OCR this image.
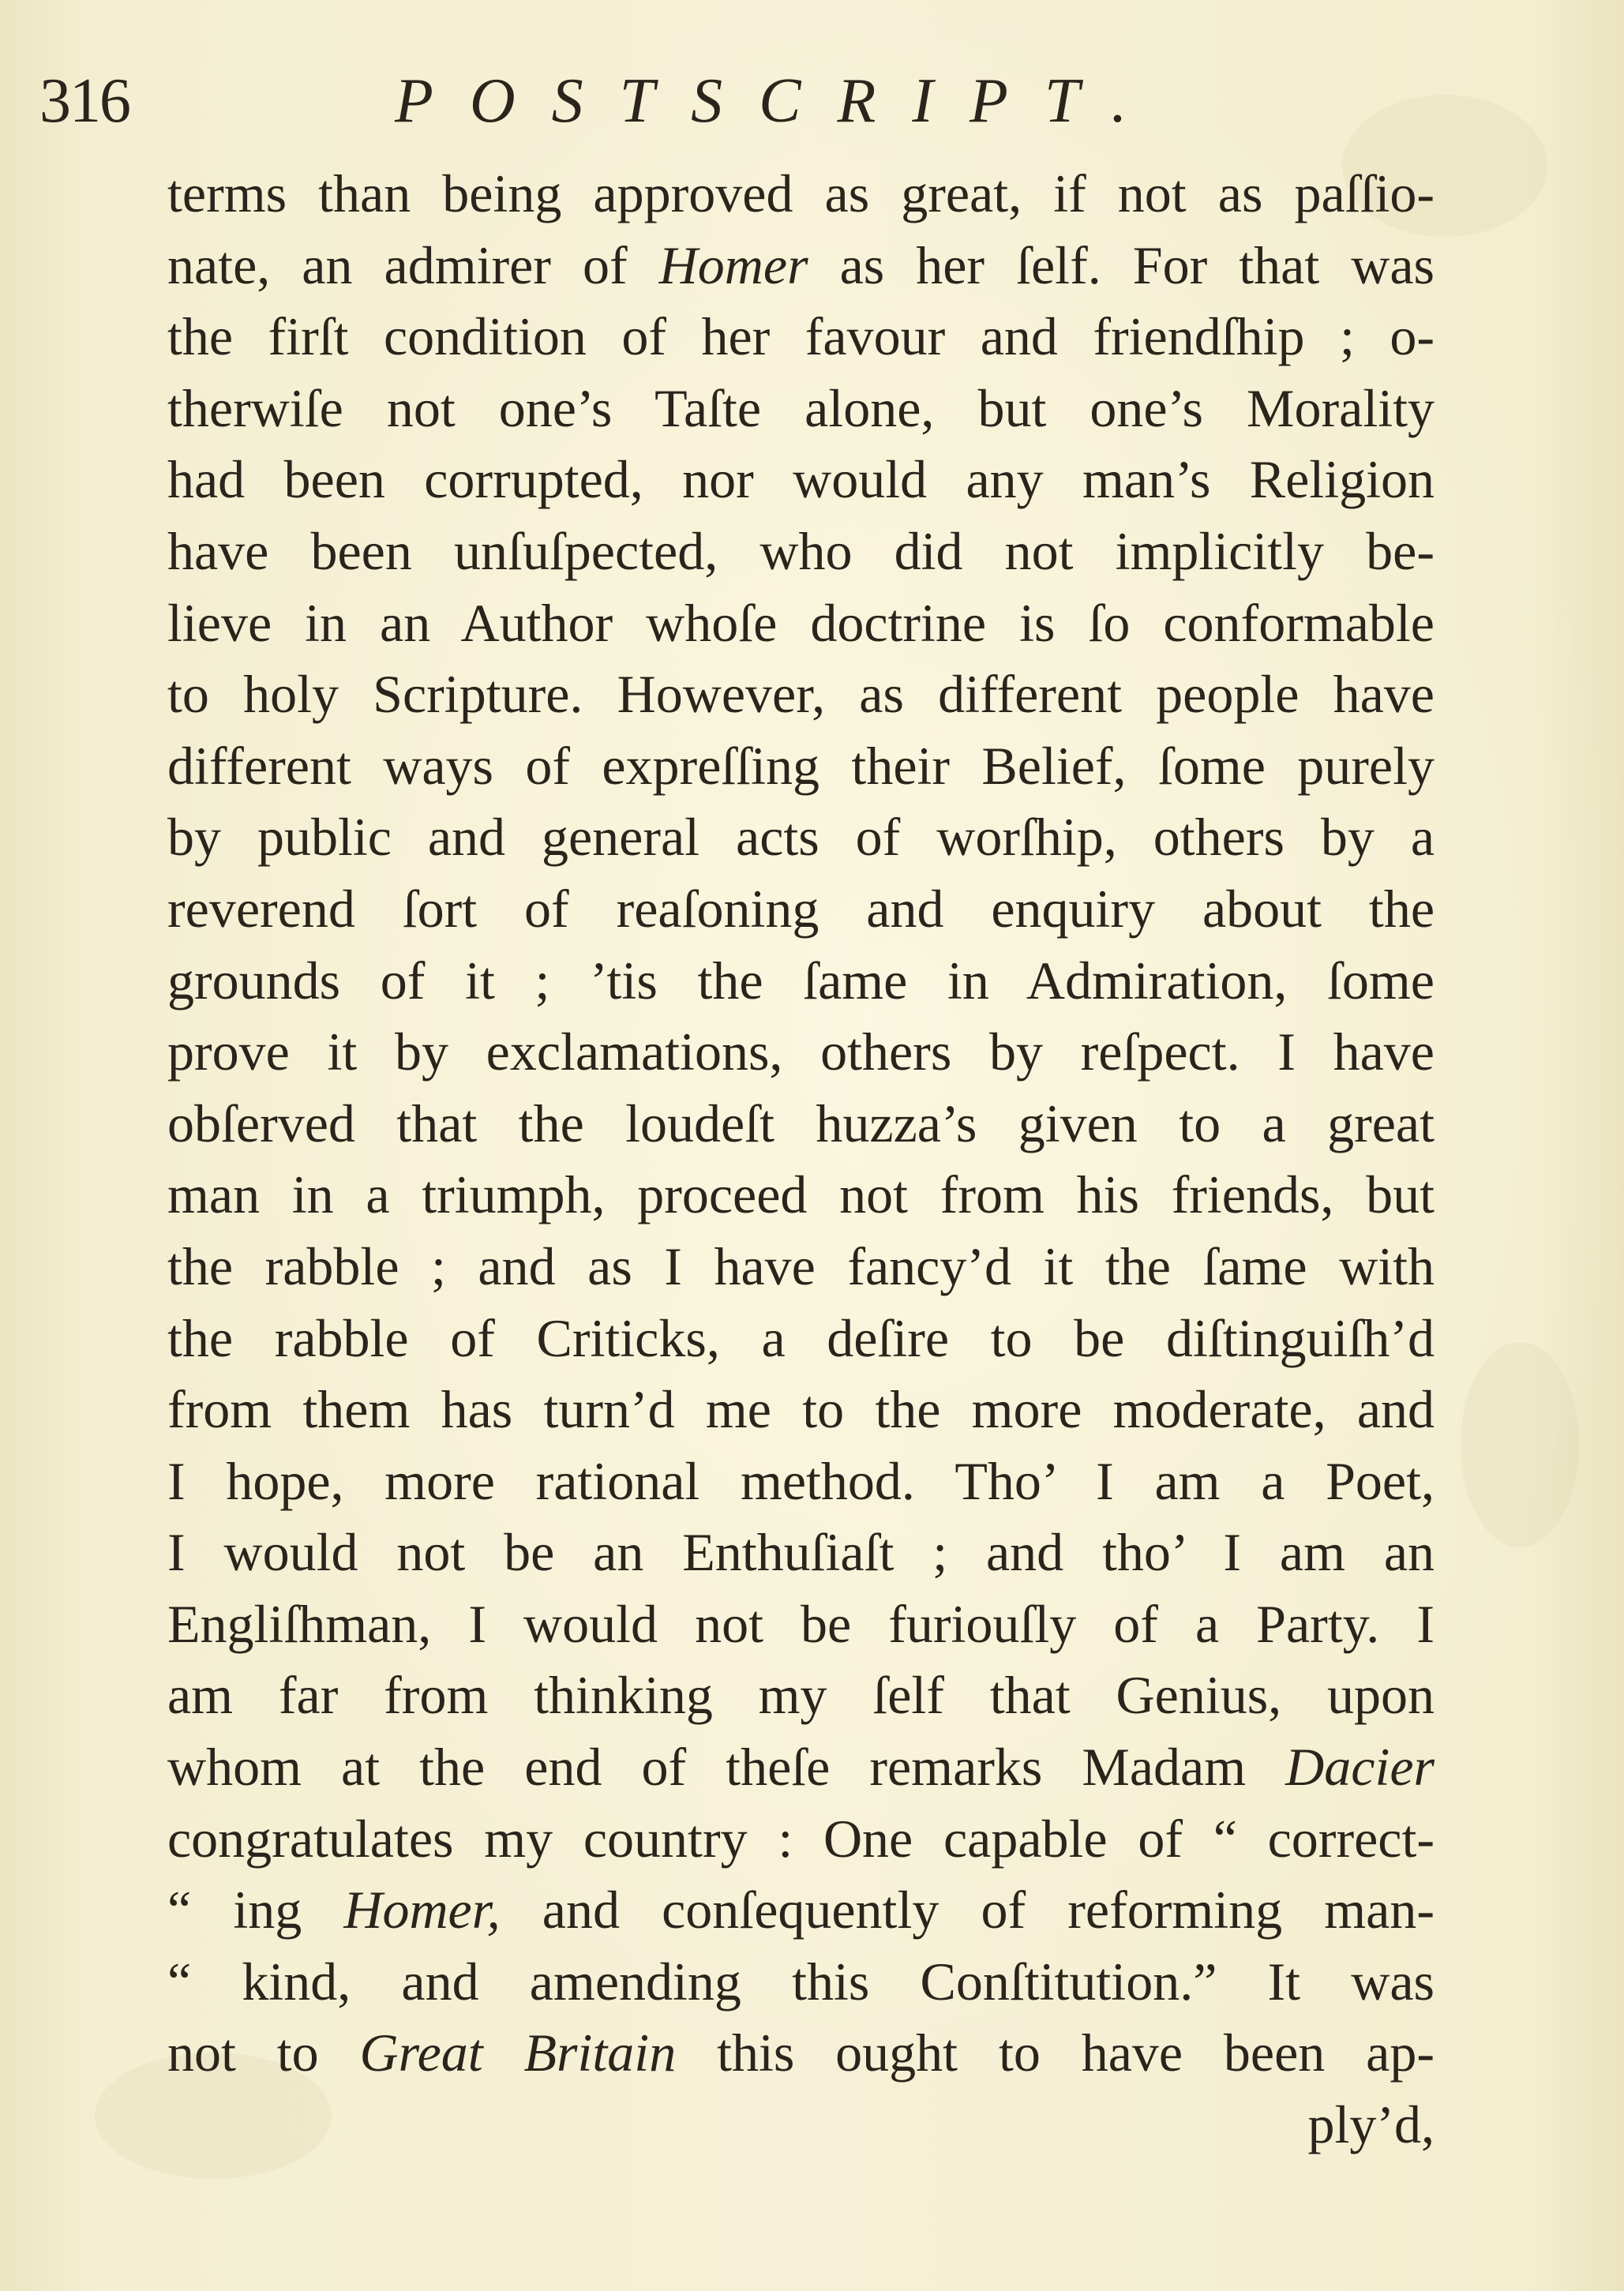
316	POSTSCRIPT.
terms than being approved as great, if not as paſſio-
nate, an admirer of Homer as her ſelf. For that was
the firſt condition of her favour and friendſhip ; o-
therwiſe not one’s Taſte alone, but one’s Morality
had been corrupted, nor would any man’s Religion
have been unſuſpected, who did not implicitly be-
lieve in an Author whoſe doctrine is ſo conformable
to holy Scripture. However, as different people have
different ways of expreſſing their Belief, ſome purely
by public and general acts of worſhip, others by a
reverend ſort of reaſoning and enquiry about the
grounds of it ; ’tis the ſame in Admiration, ſome
prove it by exclamations, others by reſpect. I have
obſerved that the loudeſt huzza’s given to a great
man in a triumph, proceed not from his friends, but
the rabble ; and as I have fancy’d it the ſame with
the rabble of Criticks, a deſire to be diſtinguiſh’d
from them has turn’d me to the more moderate, and
I hope, more rational method. Tho’ I am a Poet,
I would not be an Enthuſiaſt ; and tho’ I am an
Engliſhman, I would not be furiouſly of a Party. I
am far from thinking my ſelf that Genius, upon
whom at the end of theſe remarks Madam Dacier
congratulates my country : One capable of “ correct-
“ ing Homer, and conſequently of reforming man-
“ kind, and amending this Conſtitution.” It was
not to Great Britain this ought to have been ap-
ply’d,
